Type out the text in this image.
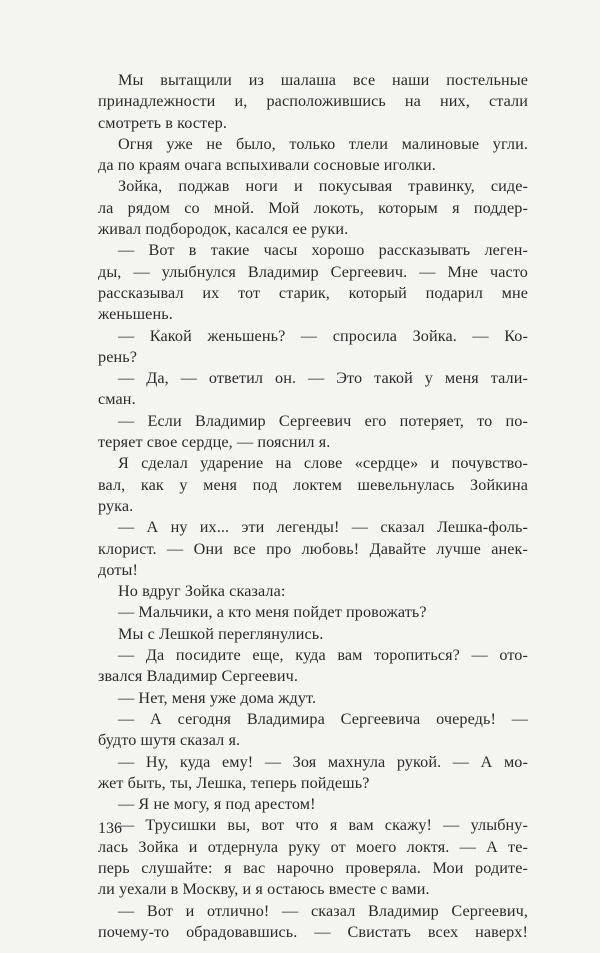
Мы вытащили из шалаша все наши постельные
принадлежности и, расположившись на них, стали
смотреть в костер.
Огня уже не было, только тлели малиновые угли.
да по краям очага вспыхивали сосновые иголки.
Зойка, поджав ноги и покусывая травинку, сиде-
ла рядом со мной. Мой локоть, которым я поддер-
живал подбородок, касался ее руки.
— Вот в такие часы хорошо рассказывать леген-
ды, — улыбнулся Владимир Сергеевич. — Мне часто
рассказывал их тот старик, который подарил мне
женьшень.
— Какой женьшень? — спросила Зойка. — Ко-
рень?
— Да, — ответил он. — Это такой у меня тали-
сман.
— Если Владимир Сергеевич его потеряет, то по-
теряет свое сердце, — пояснил я.
Я сделал ударение на слове «сердце» и почувство-
вал, как у меня под локтем шевельнулась Зойкина
рука.
— А ну их... эти легенды! — сказал Лешка-фоль-
клорист. — Они все про любовь! Давайте лучше анек-
доты!
Но вдруг Зойка сказала:
— Мальчики, а кто меня пойдет провожать?
Мы с Лешкой переглянулись.
— Да посидите еще, куда вам торопиться? — ото-
звался Владимир Сергеевич.
— Нет, меня уже дома ждут.
— А сегодня Владимира Сергеевича очередь! —
будто шутя сказал я.
— Ну, куда ему! — Зоя махнула рукой. — А мо-
жет быть, ты, Лешка, теперь пойдешь?
— Я не могу, я под арестом!
— Трусишки вы, вот что я вам скажу! — улыбну-
лась Зойка и отдернула руку от моего локтя. — А те-
перь слушайте: я вас нарочно проверяла. Мои родите-
ли уехали в Москву, и я остаюсь вместе с вами.
— Вот и отлично! — сказал Владимир Сергеевич,
почему-то обрадовавшись. — Свистать всех наверх!
136
